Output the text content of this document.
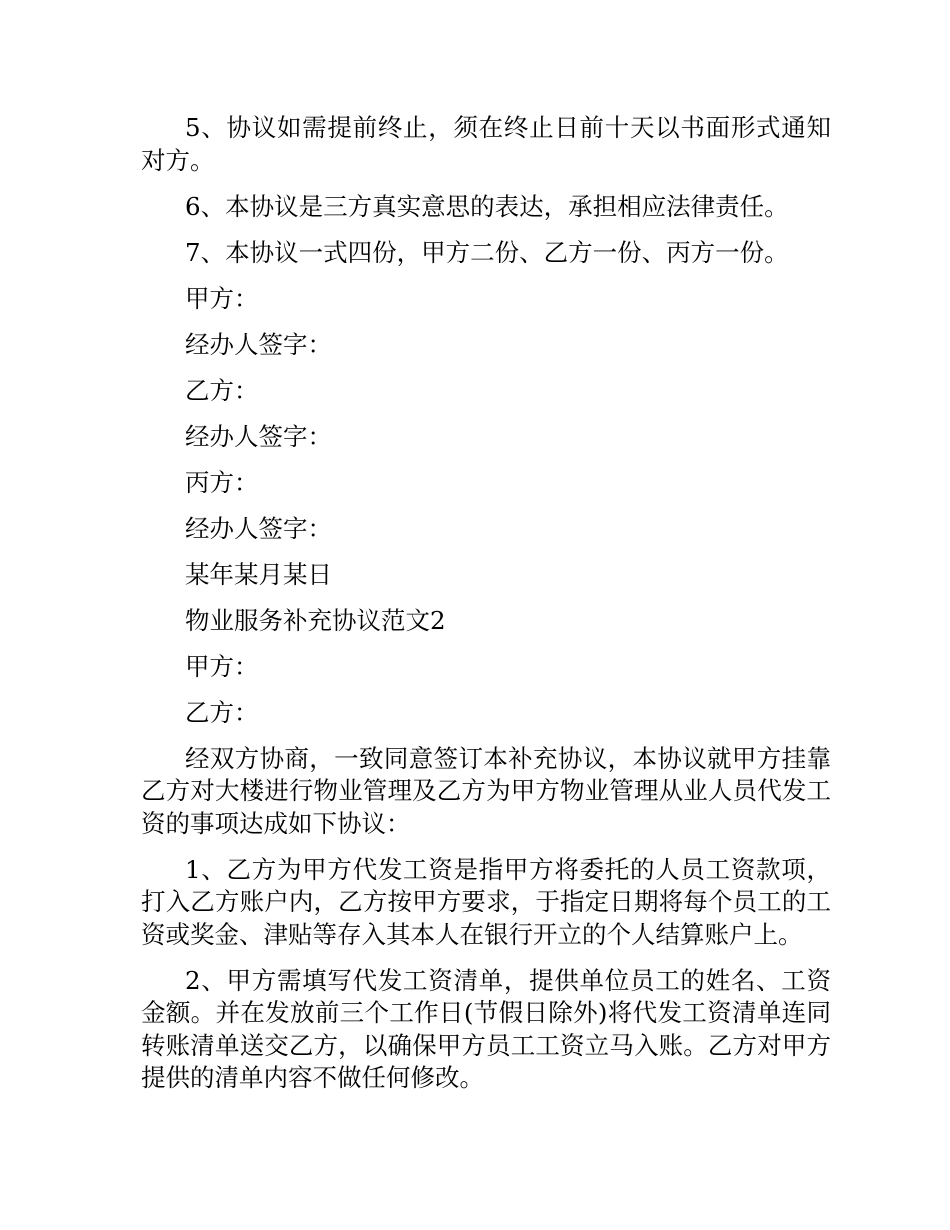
5、协议如需提前终止，须在终止日前十天以书面形式通知对方。

6、本协议是三方真实意思的表达，承担相应法律责任。

7、本协议一式四份，甲方二份、乙方一份、丙方一份。

甲方：

经办人签字：

乙方：

经办人签字：

丙方：

经办人签字：

某年某月某日

物业服务补充协议范文2

甲方：

乙方：

经双方协商，一致同意签订本补充协议，本协议就甲方挂靠乙方对大楼进行物业管理及乙方为甲方物业管理从业人员代发工资的事项达成如下协议：

1、乙方为甲方代发工资是指甲方将委托的人员工资款项，打入乙方账户内，乙方按甲方要求，于指定日期将每个员工的工资或奖金、津贴等存入其本人在银行开立的个人结算账户上。

2、甲方需填写代发工资清单，提供单位员工的姓名、工资金额。并在发放前三个工作日(节假日除外)将代发工资清单连同转账清单送交乙方，以确保甲方员工工资立马入账。乙方对甲方提供的清单内容不做任何修改。
